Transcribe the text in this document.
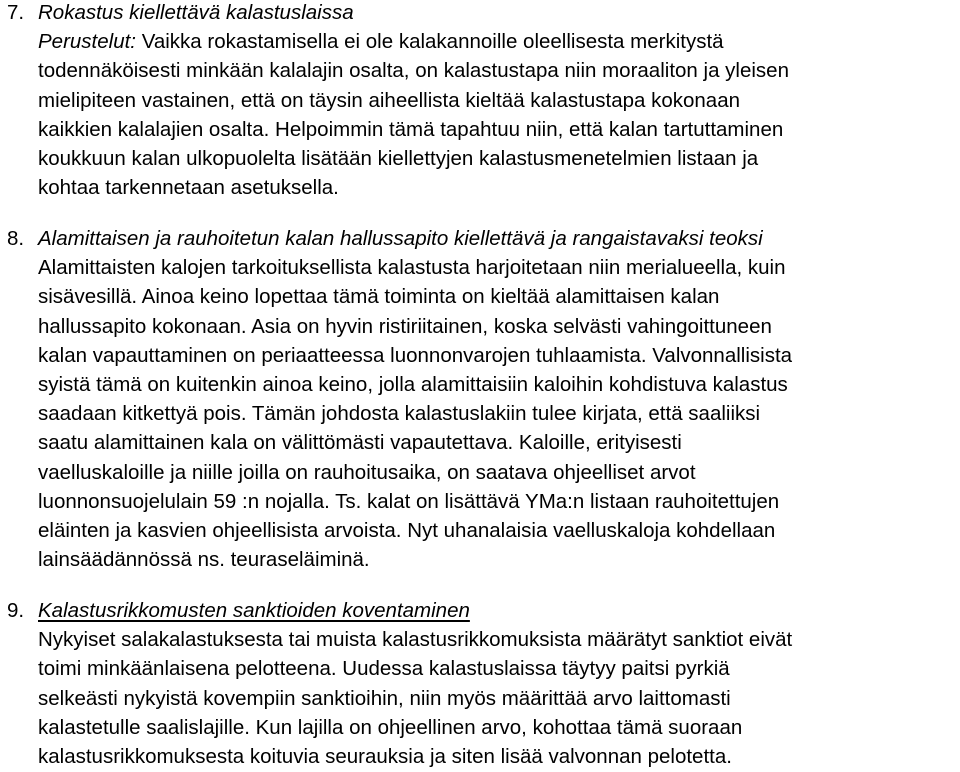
7. Rokastus kiellettävä kalastuslaissa
Perustelut: Vaikka rokastamisella ei ole kalakannoille oleellisesta merkitystä
todennäköisesti minkään kalalajin osalta, on kalastustapa niin moraaliton ja yleisen
mielipiteen vastainen, että on täysin aiheellista kieltää kalastustapa kokonaan
kaikkien kalalajien osalta. Helpoimmin tämä tapahtuu niin, että kalan tartuttaminen
koukkuun kalan ulkopuolelta lisätään kiellettyjen kalastusmenetelmien listaan ja
kohtaa tarkennetaan asetuksella.
8. Alamittaisen ja rauhoitetun kalan hallussapito kiellettävä ja rangaistavaksi teoksi
Alamittaisten kalojen tarkoituksellista kalastusta harjoitetaan niin merialueella, kuin
sisävesillä. Ainoa keino lopettaa tämä toiminta on kieltää alamittaisen kalan
hallussapito kokonaan. Asia on hyvin ristiriitainen, koska selvästi vahingoittuneen
kalan vapauttaminen on periaatteessa luonnonvarojen tuhlaamista. Valvonnallisista
syistä tämä on kuitenkin ainoa keino, jolla alamittaisiin kaloihin kohdistuva kalastus
saadaan kitkettyä pois. Tämän johdosta kalastuslakiin tulee kirjata, että saaliiksi
saatu alamittainen kala on välittömästi vapautettava. Kaloille, erityisesti
vaelluskaloille ja niille joilla on rauhoitusaika, on saatava ohjeelliset arvot
luonnonsuojelulain 59 :n nojalla. Ts. kalat on lisättävä YMa:n listaan rauhoitettujen
eläinten ja kasvien ohjeellisista arvoista. Nyt uhanalaisia vaelluskaloja kohdellaan
lainsäädännössä ns. teuraseläiminä.
9. Kalastusrikkomusten sanktioiden koventaminen
Nykyiset salakalastuksesta tai muista kalastusrikkomuksista määrätyt sanktiot eivät
toimi minkäänlaisena pelotteena. Uudessa kalastuslaissa täytyy paitsi pyrkiä
selkeästi nykyistä kovempiin sanktioihin, niin myös määrittää arvo laittomasti
kalastetulle saalislajille. Kun lajilla on ohjeellinen arvo, kohottaa tämä suoraan
kalastusrikkomuksesta koituvia seurauksia ja siten lisää valvonnan pelotetta.
